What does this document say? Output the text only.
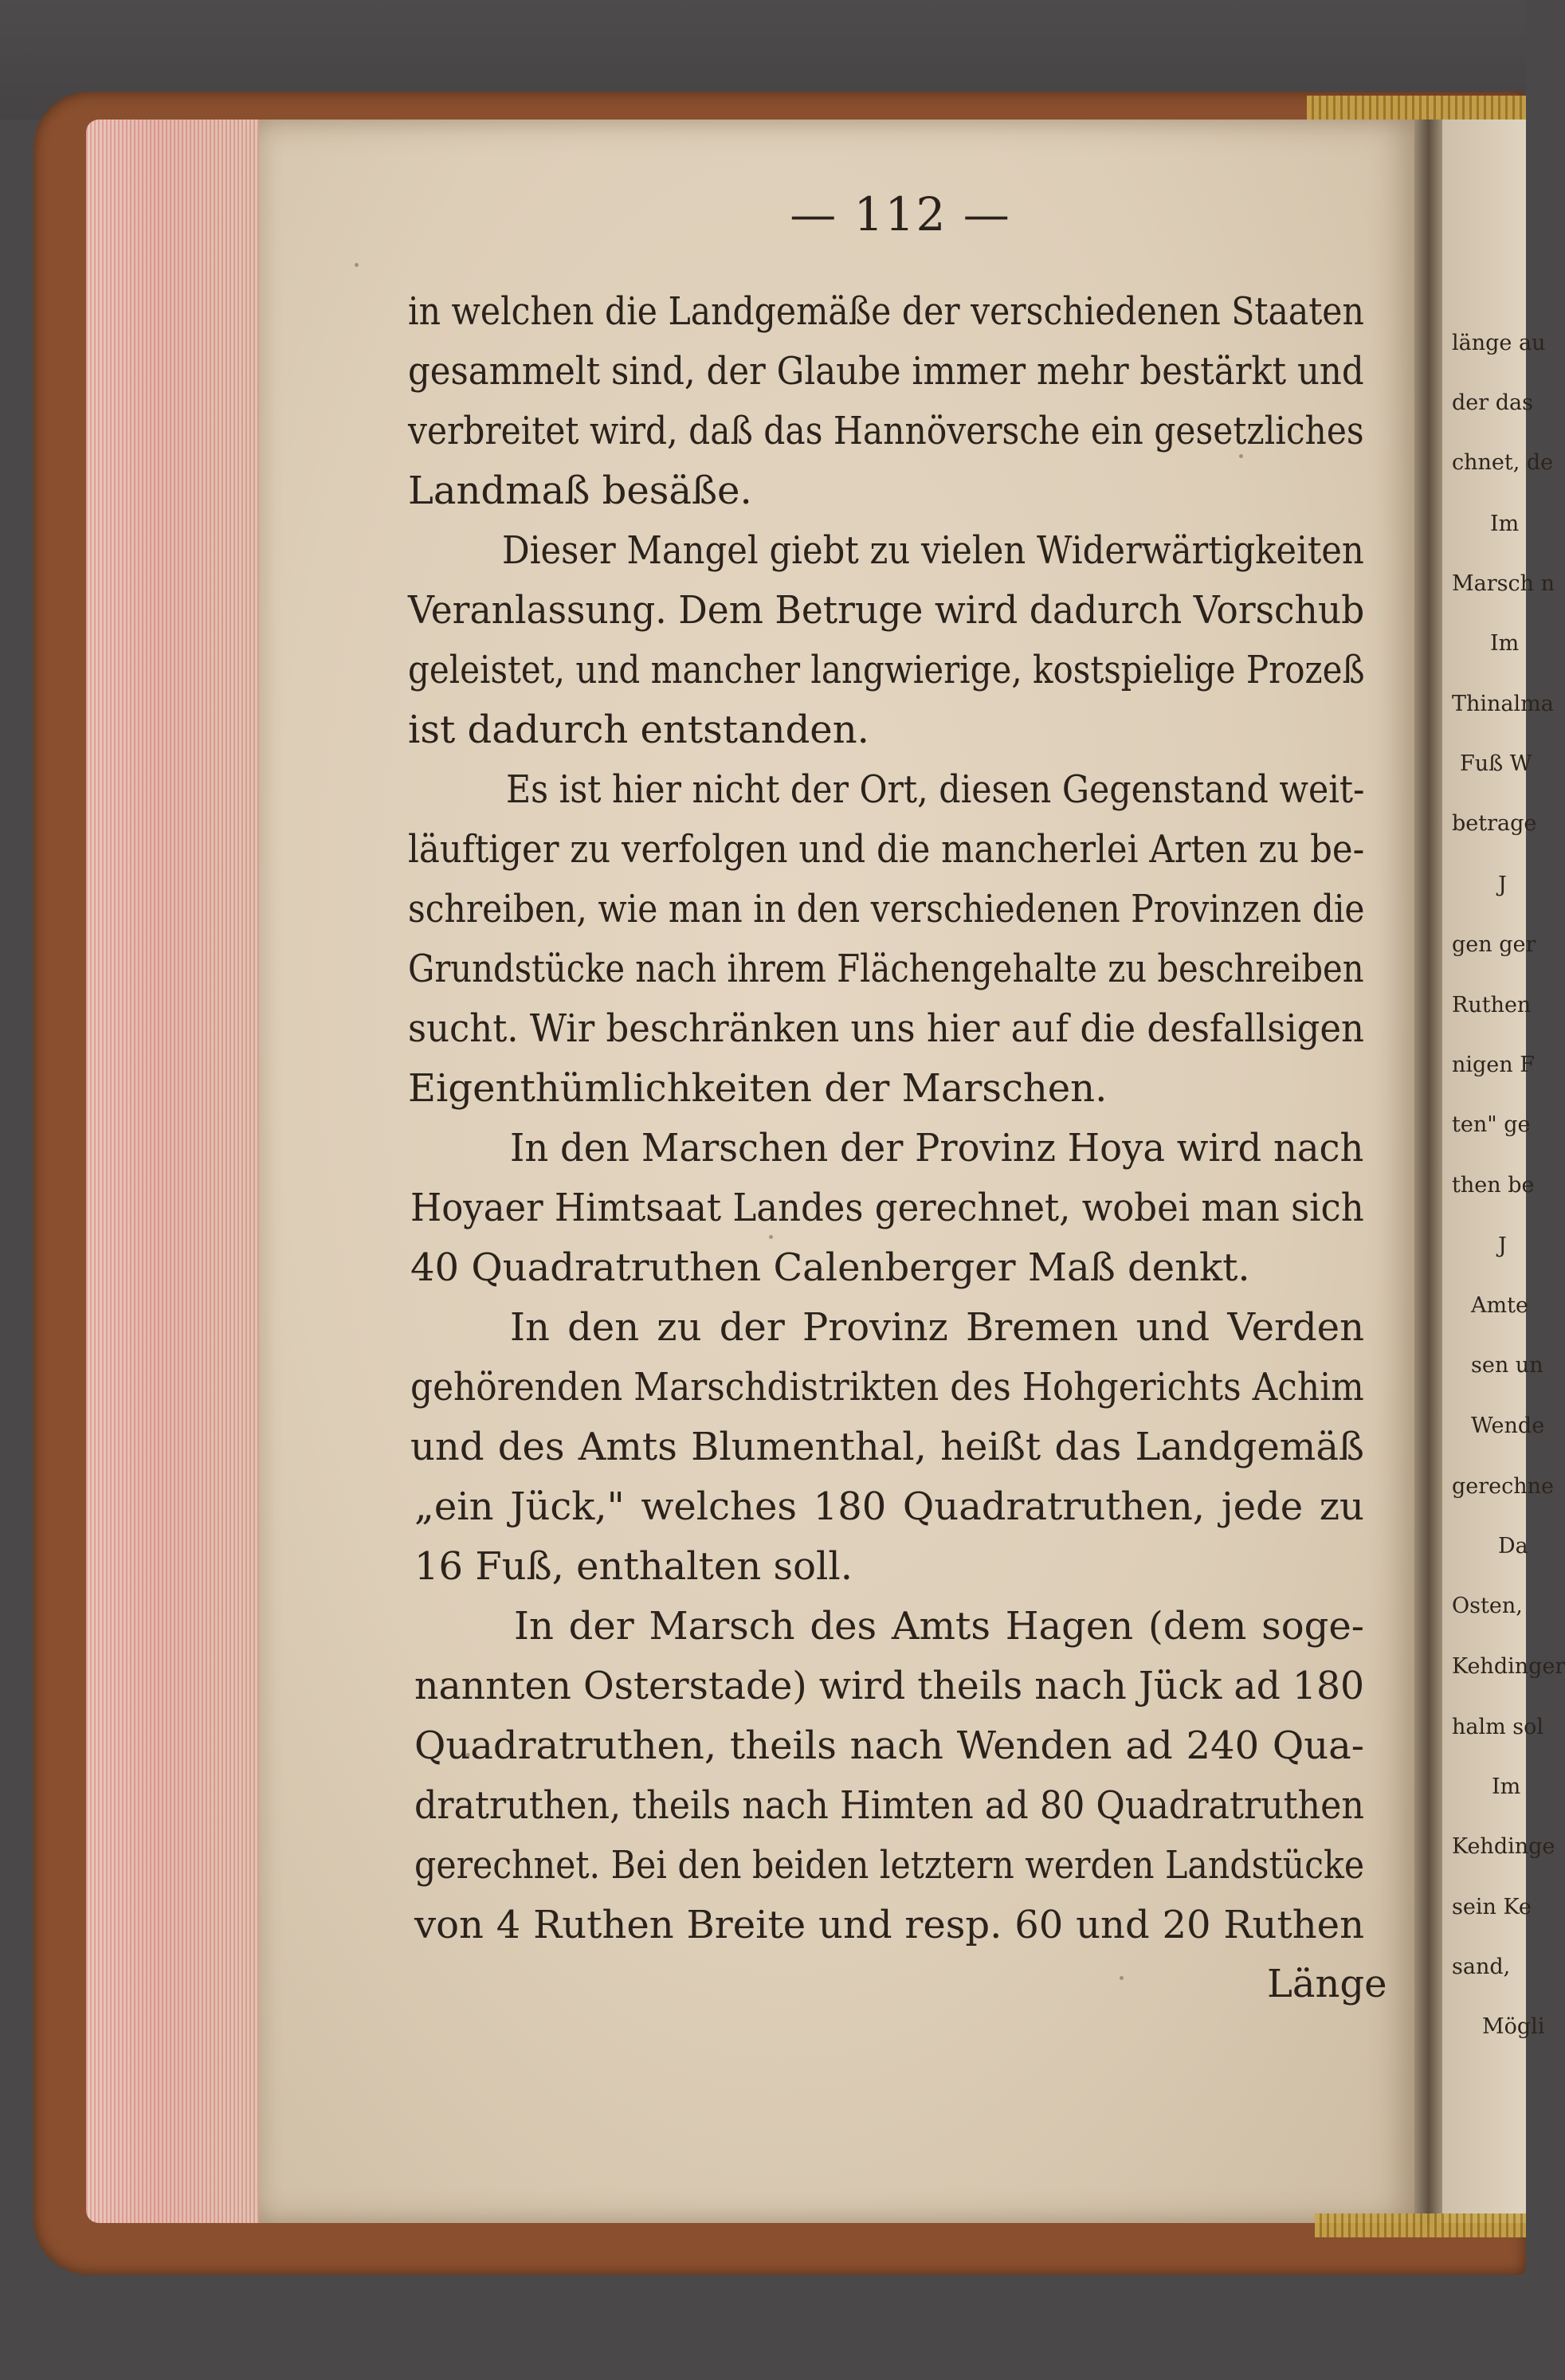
länge au
der das
chnet, de
Im
Marsch n
Im
Thinalma
Fuß W
betrage
J
gen ger
Ruthen
nigen F
ten" ge
then be
J
Amte
sen un
Wende
gerechne
Da
Osten,
Kehdinger
halm sol
Im
Kehdinge
sein Ke
sand,
Mögli
— 112 —
in welchen die Landgemäße der verschiedenen Staaten
gesammelt sind, der Glaube immer mehr bestärkt und
verbreitet wird, daß das Hannöversche ein gesetzliches
Landmaß besäße.
Dieser Mangel giebt zu vielen Widerwärtigkeiten
Veranlassung. Dem Betruge wird dadurch Vorschub
geleistet, und mancher langwierige, kostspielige Prozeß
ist dadurch entstanden.
Es ist hier nicht der Ort, diesen Gegenstand weit-
läuftiger zu verfolgen und die mancherlei Arten zu be-
schreiben, wie man in den verschiedenen Provinzen die
Grundstücke nach ihrem Flächengehalte zu beschreiben
sucht. Wir beschränken uns hier auf die desfallsigen
Eigenthümlichkeiten der Marschen.
In den Marschen der Provinz Hoya wird nach
Hoyaer Himtsaat Landes gerechnet, wobei man sich
40 Quadratruthen Calenberger Maß denkt.
In den zu der Provinz Bremen und Verden
gehörenden Marschdistrikten des Hohgerichts Achim
und des Amts Blumenthal, heißt das Landgemäß
„ein Jück," welches 180 Quadratruthen, jede zu
16 Fuß, enthalten soll.
In der Marsch des Amts Hagen (dem soge-
nannten Osterstade) wird theils nach Jück ad 180
Quadratruthen, theils nach Wenden ad 240 Qua-
dratruthen, theils nach Himten ad 80 Quadratruthen
gerechnet. Bei den beiden letztern werden Landstücke
von 4 Ruthen Breite und resp. 60 und 20 Ruthen
Länge
